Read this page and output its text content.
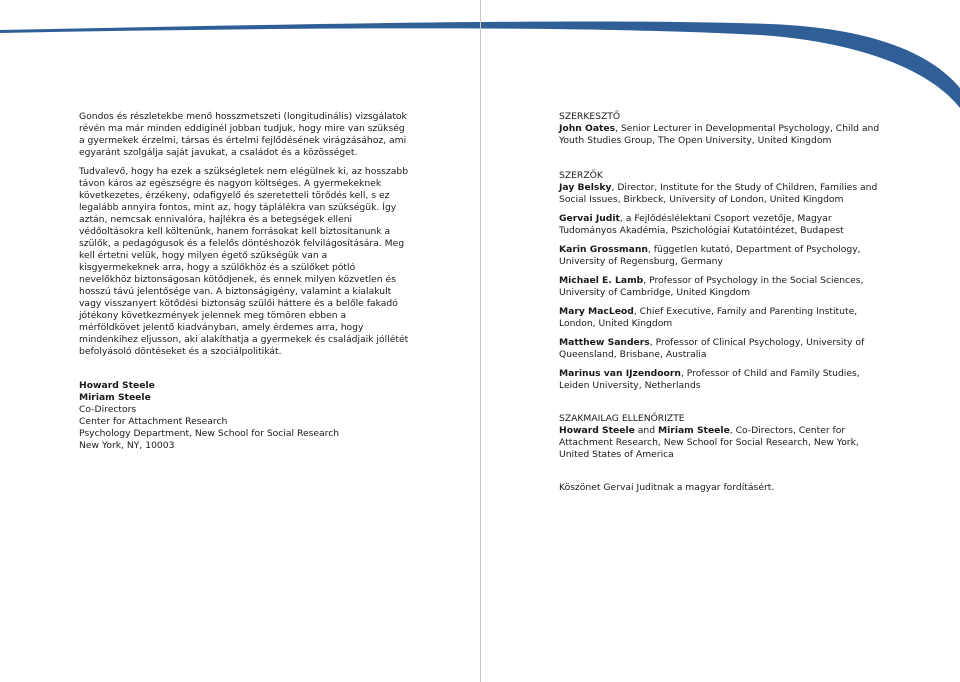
Gondos és részletekbe menő hosszmetszeti (longitudinális) vizsgálatok révén ma már minden eddiginél jobban tudjuk, hogy mire van szükség a gyermekek érzelmi, társas és értelmi fejlődésének virágzásához, ami egyaránt szolgálja saját javukat, a családot és a közösséget.

Tudvalevő, hogy ha ezek a szükségletek nem elégülnek ki, az hosszabb távon káros az egészségre és nagyon költséges. A gyermekeknek következetes, érzékeny, odafigyelő és szeretetteli törődés kell, s ez legalább annyira fontos, mint az, hogy táplálékra van szükségük. Így aztán, nemcsak ennivalóra, hajlékra és a betegségek elleni védőoltásokra kell költenünk, hanem forrásokat kell biztosítanunk a szülők, a pedagógusok és a felelős döntéshozók felvilágosítására. Meg kell értetni velük, hogy milyen égető szükségük van a kisgyermekeknek arra, hogy a szülőkhöz és a szülőket pótló nevelőkhöz biztonságosan kötődjenek, és ennek milyen közvetlen és hosszú távú jelentősége van. A biztonságigény, valamint a kialakult vagy visszanyert kötődési biztonság szülői háttere és a belőle fakadó jótékony következmények jelennek meg tömören ebben a mérföldkövet jelentő kiadványban, amely érdemes arra, hogy mindenkihez eljusson, aki alakíthatja a gyermekek és családjaik jóllétét befolyásoló döntéseket és a szociálpolitikát.

Howard Steele
Miriam Steele
Co-Directors
Center for Attachment Research
Psychology Department, New School for Social Research
New York, NY, 10003

SZERKESZTŐ

John Oates, Senior Lecturer in Developmental Psychology, Child and Youth Studies Group, The Open University, United Kingdom

SZERZŐK

Jay Belsky, Director, Institute for the Study of Children, Families and Social Issues, Birkbeck, University of London, United Kingdom

Gervai Judit, a Fejlődéslélektani Csoport vezetője, Magyar Tudományos Akadémia, Pszichológiai Kutatóintézet, Budapest

Karin Grossmann, független kutató, Department of Psychology, University of Regensburg, Germany

Michael E. Lamb, Professor of Psychology in the Social Sciences, University of Cambridge, United Kingdom

Mary MacLeod, Chief Executive, Family and Parenting Institute, London, United Kingdom

Matthew Sanders, Professor of Clinical Psychology, University of Queensland, Brisbane, Australia

Marinus van IJzendoorn, Professor of Child and Family Studies, Leiden University, Netherlands

SZAKMAILAG ELLENŐRIZTE

Howard Steele and Miriam Steele, Co-Directors, Center for Attachment Research, New School for Social Research, New York, United States of America

Köszönet Gervai Juditnak a magyar fordításért.
